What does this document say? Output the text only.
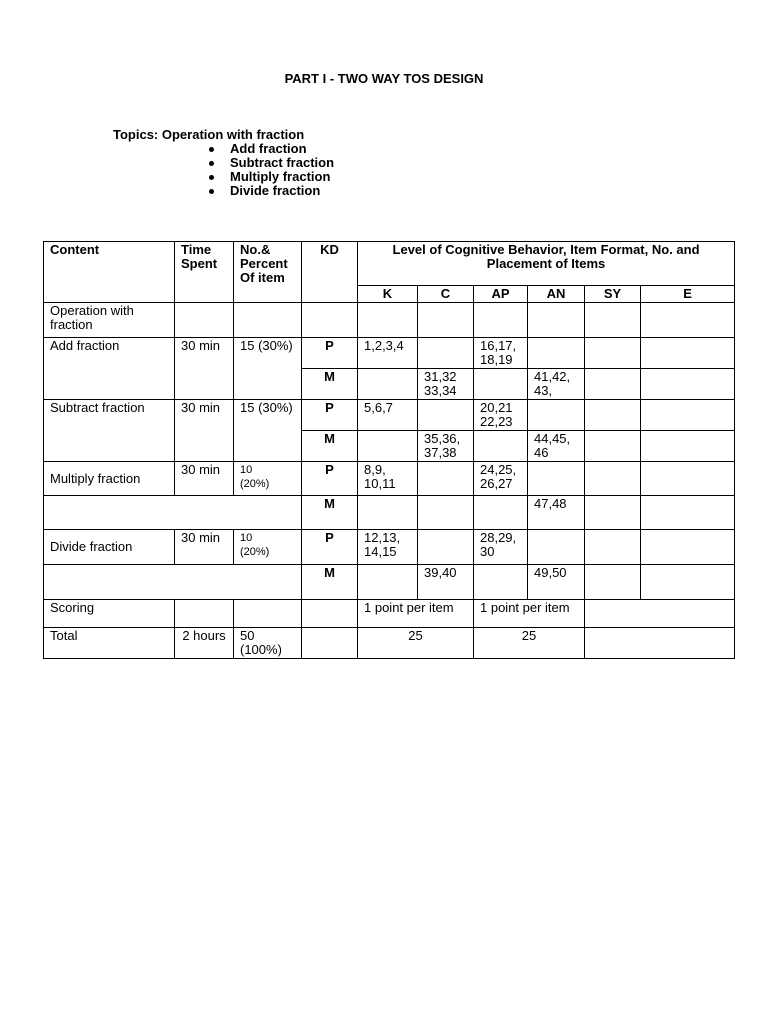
PART I - TWO WAY TOS DESIGN
Topics: Operation with fraction
Add fraction
Subtract fraction
Multiply fraction
Divide fraction
Content	Time Spent	No.& Percent Of item	KD	Level of Cognitive Behavior, Item Format, No. and Placement of Items					
				K	C	AP	AN	SY	E
Operation with fraction									
Add fraction	30 min	15 (30%)	P	1,2,3,4		16,17, 18,19			
			M		31,32 33,34		41,42, 43,		
Subtract fraction	30 min	15 (30%)	P	5,6,7		20,21 22,23			
			M		35,36, 37,38		44,45, 46		
Multiply fraction	30 min	10
(20%)	P	8,9, 10,11		24,25, 26,27			
			M				47,48		
Divide fraction	30 min	10
(20%)	P	12,13, 14,15		28,29, 30			
			M		39,40		49,50		
Scoring				1 point per item		1 point per item			
Total	2 hours	50 (100%)		25		25			
